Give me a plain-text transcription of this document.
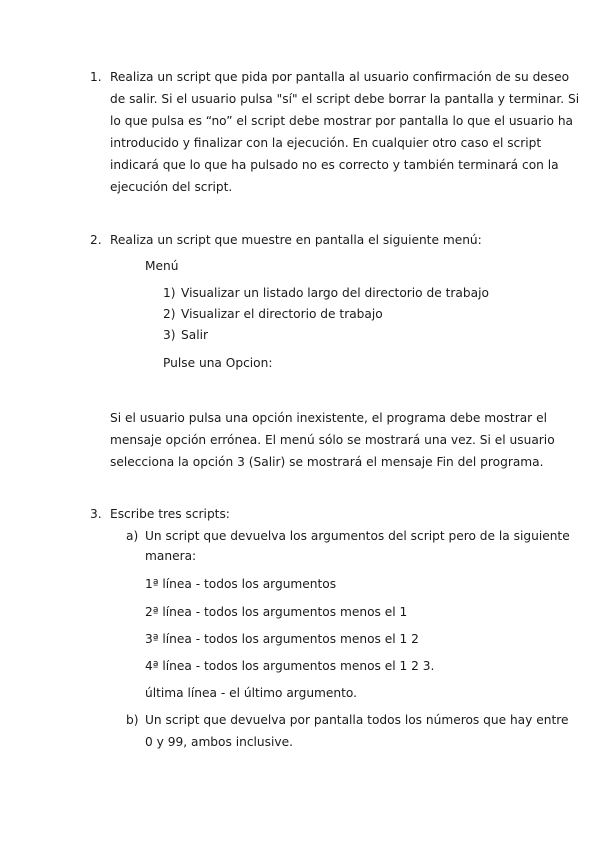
1. Realiza un script que pida por pantalla al usuario confirmación de su deseo
de salir. Si el usuario pulsa "sí" el script debe borrar la pantalla y terminar. Si
lo que pulsa es “no” el script debe mostrar por pantalla lo que el usuario ha
introducido y finalizar con la ejecución. En cualquier otro caso el script
indicará que lo que ha pulsado no es correcto y también terminará con la
ejecución del script.
2. Realiza un script que muestre en pantalla el siguiente menú:
Menú
1) Visualizar un listado largo del directorio de trabajo
2) Visualizar el directorio de trabajo
3) Salir
Pulse una Opcion:
Si el usuario pulsa una opción inexistente, el programa debe mostrar el
mensaje opción errónea. El menú sólo se mostrará una vez. Si el usuario
selecciona la opción 3 (Salir) se mostrará el mensaje Fin del programa.
3. Escribe tres scripts:
a) Un script que devuelva los argumentos del script pero de la siguiente
manera:
1ª línea - todos los argumentos
2ª línea - todos los argumentos menos el 1
3ª línea - todos los argumentos menos el 1 2
4ª línea - todos los argumentos menos el 1 2 3.
última línea - el último argumento.
b) Un script que devuelva por pantalla todos los números que hay entre
0 y 99, ambos inclusive.
